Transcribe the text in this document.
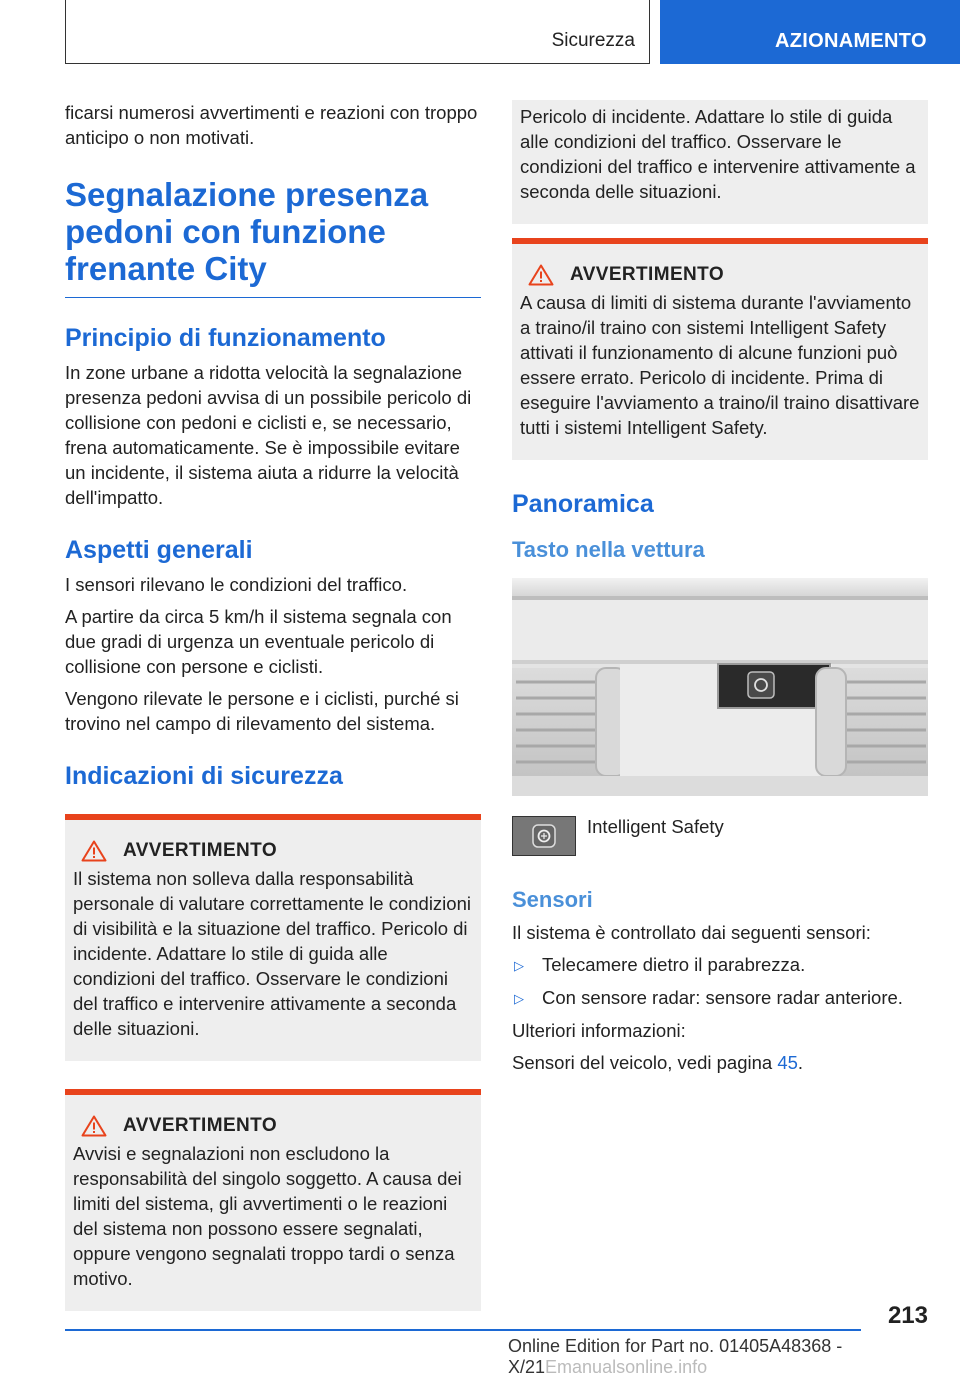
Sicurezza	AZIONAMENTO

ficarsi numerosi avvertimenti e reazioni con troppo anticipo o non motivati.

Segnalazione presenza pedoni con funzione frenante City
Principio di funzionamento

In zone urbane a ridotta velocità la segnalazione presenza pedoni avvisa di un possibile pericolo di collisione con pedoni e ciclisti e, se necessario, frena automaticamente. Se è impossibile evitare un incidente, il sistema aiuta a ridurre la velocità dell'impatto.

Aspetti generali

I sensori rilevano le condizioni del traffico.

A partire da circa 5 km/h il sistema segnala con due gradi di urgenza un eventuale pericolo di collisione con persone e ciclisti.

Vengono rilevate le persone e i ciclisti, purché si trovino nel campo di rilevamento del sistema.

Indicazioni di sicurezza
AVVERTIMENTO

Il sistema non solleva dalla responsabilità personale di valutare correttamente le condizioni di visibilità e la situazione del traffico. Pericolo di incidente. Adattare lo stile di guida alle condizioni del traffico. Osservare le condizioni del traffico e intervenire attivamente a seconda delle situazioni.

AVVERTIMENTO

Avvisi e segnalazioni non escludono la responsabilità del singolo soggetto. A causa dei limiti del sistema, gli avvertimenti o le reazioni del sistema non possono essere segnalati, oppure vengono segnalati troppo tardi o senza motivo.

Pericolo di incidente. Adattare lo stile di guida alle condizioni del traffico. Osservare le condizioni del traffico e intervenire attivamente a seconda delle situazioni.

AVVERTIMENTO

A causa di limiti di sistema durante l'avviamento a traino/il traino con sistemi Intelligent Safety attivati il funzionamento di alcune funzioni può essere errato. Pericolo di incidente. Prima di eseguire l'avviamento a traino/il traino disattivare tutti i sistemi Intelligent Safety.

Panoramica
Tasto nella vettura
Intelligent Safety
Sensori

Il sistema è controllato dai seguenti sensori:

▷ Telecamere dietro il parabrezza.
▷ Con sensore radar: sensore radar anteriore.

Ulteriori informazioni:

Sensori del veicolo, vedi pagina 45.

213
Online Edition for Part no. 01405A48368 - X/21Emanualsonline.info
